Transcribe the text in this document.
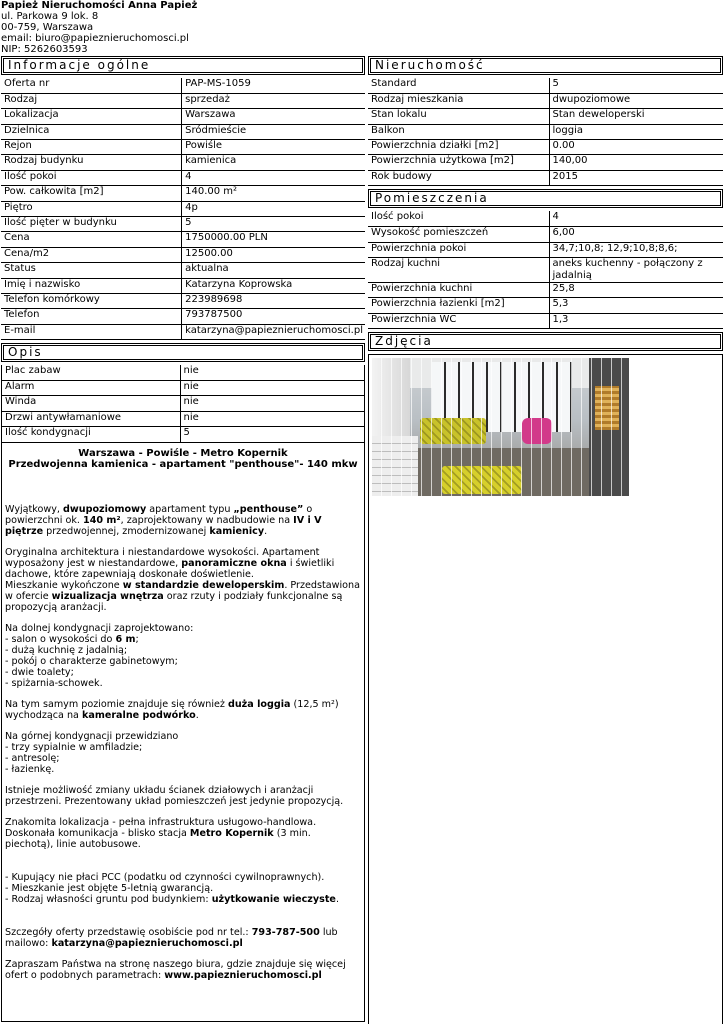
Papież Nieruchomości Anna Papież
ul. Parkowa 9 lok. 8
00-759, Warszawa
email: biuro@papieznieruchomosci.pl
NIP: 5262603593
Informacje ogólne
Oferta nr	PAP-MS-1059
Rodzaj	sprzedaż
Lokalizacja	Warszawa
Dzielnica	Śródmieście
Rejon	Powiśle
Rodzaj budynku	kamienica
Ilość pokoi	4
Pow. całkowita [m2]	140.00 m²
Piętro	4p
Ilość pięter w budynku	5
Cena	1750000.00 PLN
Cena/m2	12500.00
Status	aktualna
Imię i nazwisko	Katarzyna Koprowska
Telefon komórkowy	223989698
Telefon	793787500
E-mail	katarzyna@papieznieruchomosci.pl
Opis
Plac zabaw	nie
Alarm	nie
Winda	nie
Drzwi antywłamaniowe	nie
Ilość kondygnacji	5
Warszawa - Powiśle - Metro Kopernik
Przedwojenna kamienica - apartament "penthouse"- 140 mkw

Wyjątkowy, dwupoziomowy apartament typu „penthouse” o powierzchni ok. 140 m², zaprojektowany w nadbudowie na IV i V piętrze przedwojennej, zmodernizowanej kamienicy.

Oryginalna architektura i niestandardowe wysokości. Apartament wyposażony jest w niestandardowe, panoramiczne okna i świetliki dachowe, które zapewniają doskonałe doświetlenie.
Mieszkanie wykończone w standardzie deweloperskim. Przedstawiona w ofercie wizualizacja wnętrza oraz rzuty i podziały funkcjonalne są propozycją aranżacji.

Na dolnej kondygnacji zaprojektowano:
- salon o wysokości do 6 m;
- dużą kuchnię z jadalnią;
- pokój o charakterze gabinetowym;
- dwie toalety;
- spiżarnia-schowek.

Na tym samym poziomie znajduje się również duża loggia (12,5 m²) wychodząca na kameralne podwórko.

Na górnej kondygnacji przewidziano
- trzy sypialnie w amfiladzie;
- antresolę;
- łazienkę.

Istnieje możliwość zmiany układu ścianek działowych i aranżacji przestrzeni. Prezentowany układ pomieszczeń jest jedynie propozycją.

Znakomita lokalizacja - pełna infrastruktura usługowo-handlowa. Doskonała komunikacja - blisko stacja Metro Kopernik (3 min. piechotą), linie autobusowe.

- Kupujący nie płaci PCC (podatku od czynności cywilnoprawnych).
- Mieszkanie jest objęte 5-letnią gwarancją.
- Rodzaj własności gruntu pod budynkiem: użytkowanie wieczyste.

Szczegóły oferty przedstawię osobiście pod nr tel.: 793-787-500 lub mailowo: katarzyna@papieznieruchomosci.pl

Zapraszam Państwa na stronę naszego biura, gdzie znajduje się więcej ofert o podobnych parametrach: www.papieznieruchomosci.pl

Nieruchomość
Standard	5
Rodzaj mieszkania	dwupoziomowe
Stan lokalu	Stan deweloperski
Balkon	loggia
Powierzchnia działki [m2]	0.00
Powierzchnia użytkowa [m2]	140,00
Rok budowy	2015
Pomieszczenia
Ilość pokoi	4
Wysokość pomieszczeń	6,00
Powierzchnia pokoi	34,7;10,8; 12,9;10,8;8,6;
Rodzaj kuchni	aneks kuchenny - połączony z jadalnią
Powierzchnia kuchni	25,8
Powierzchnia łazienki [m2]	5,3
Powierzchnia WC	1,3
Zdjęcia
